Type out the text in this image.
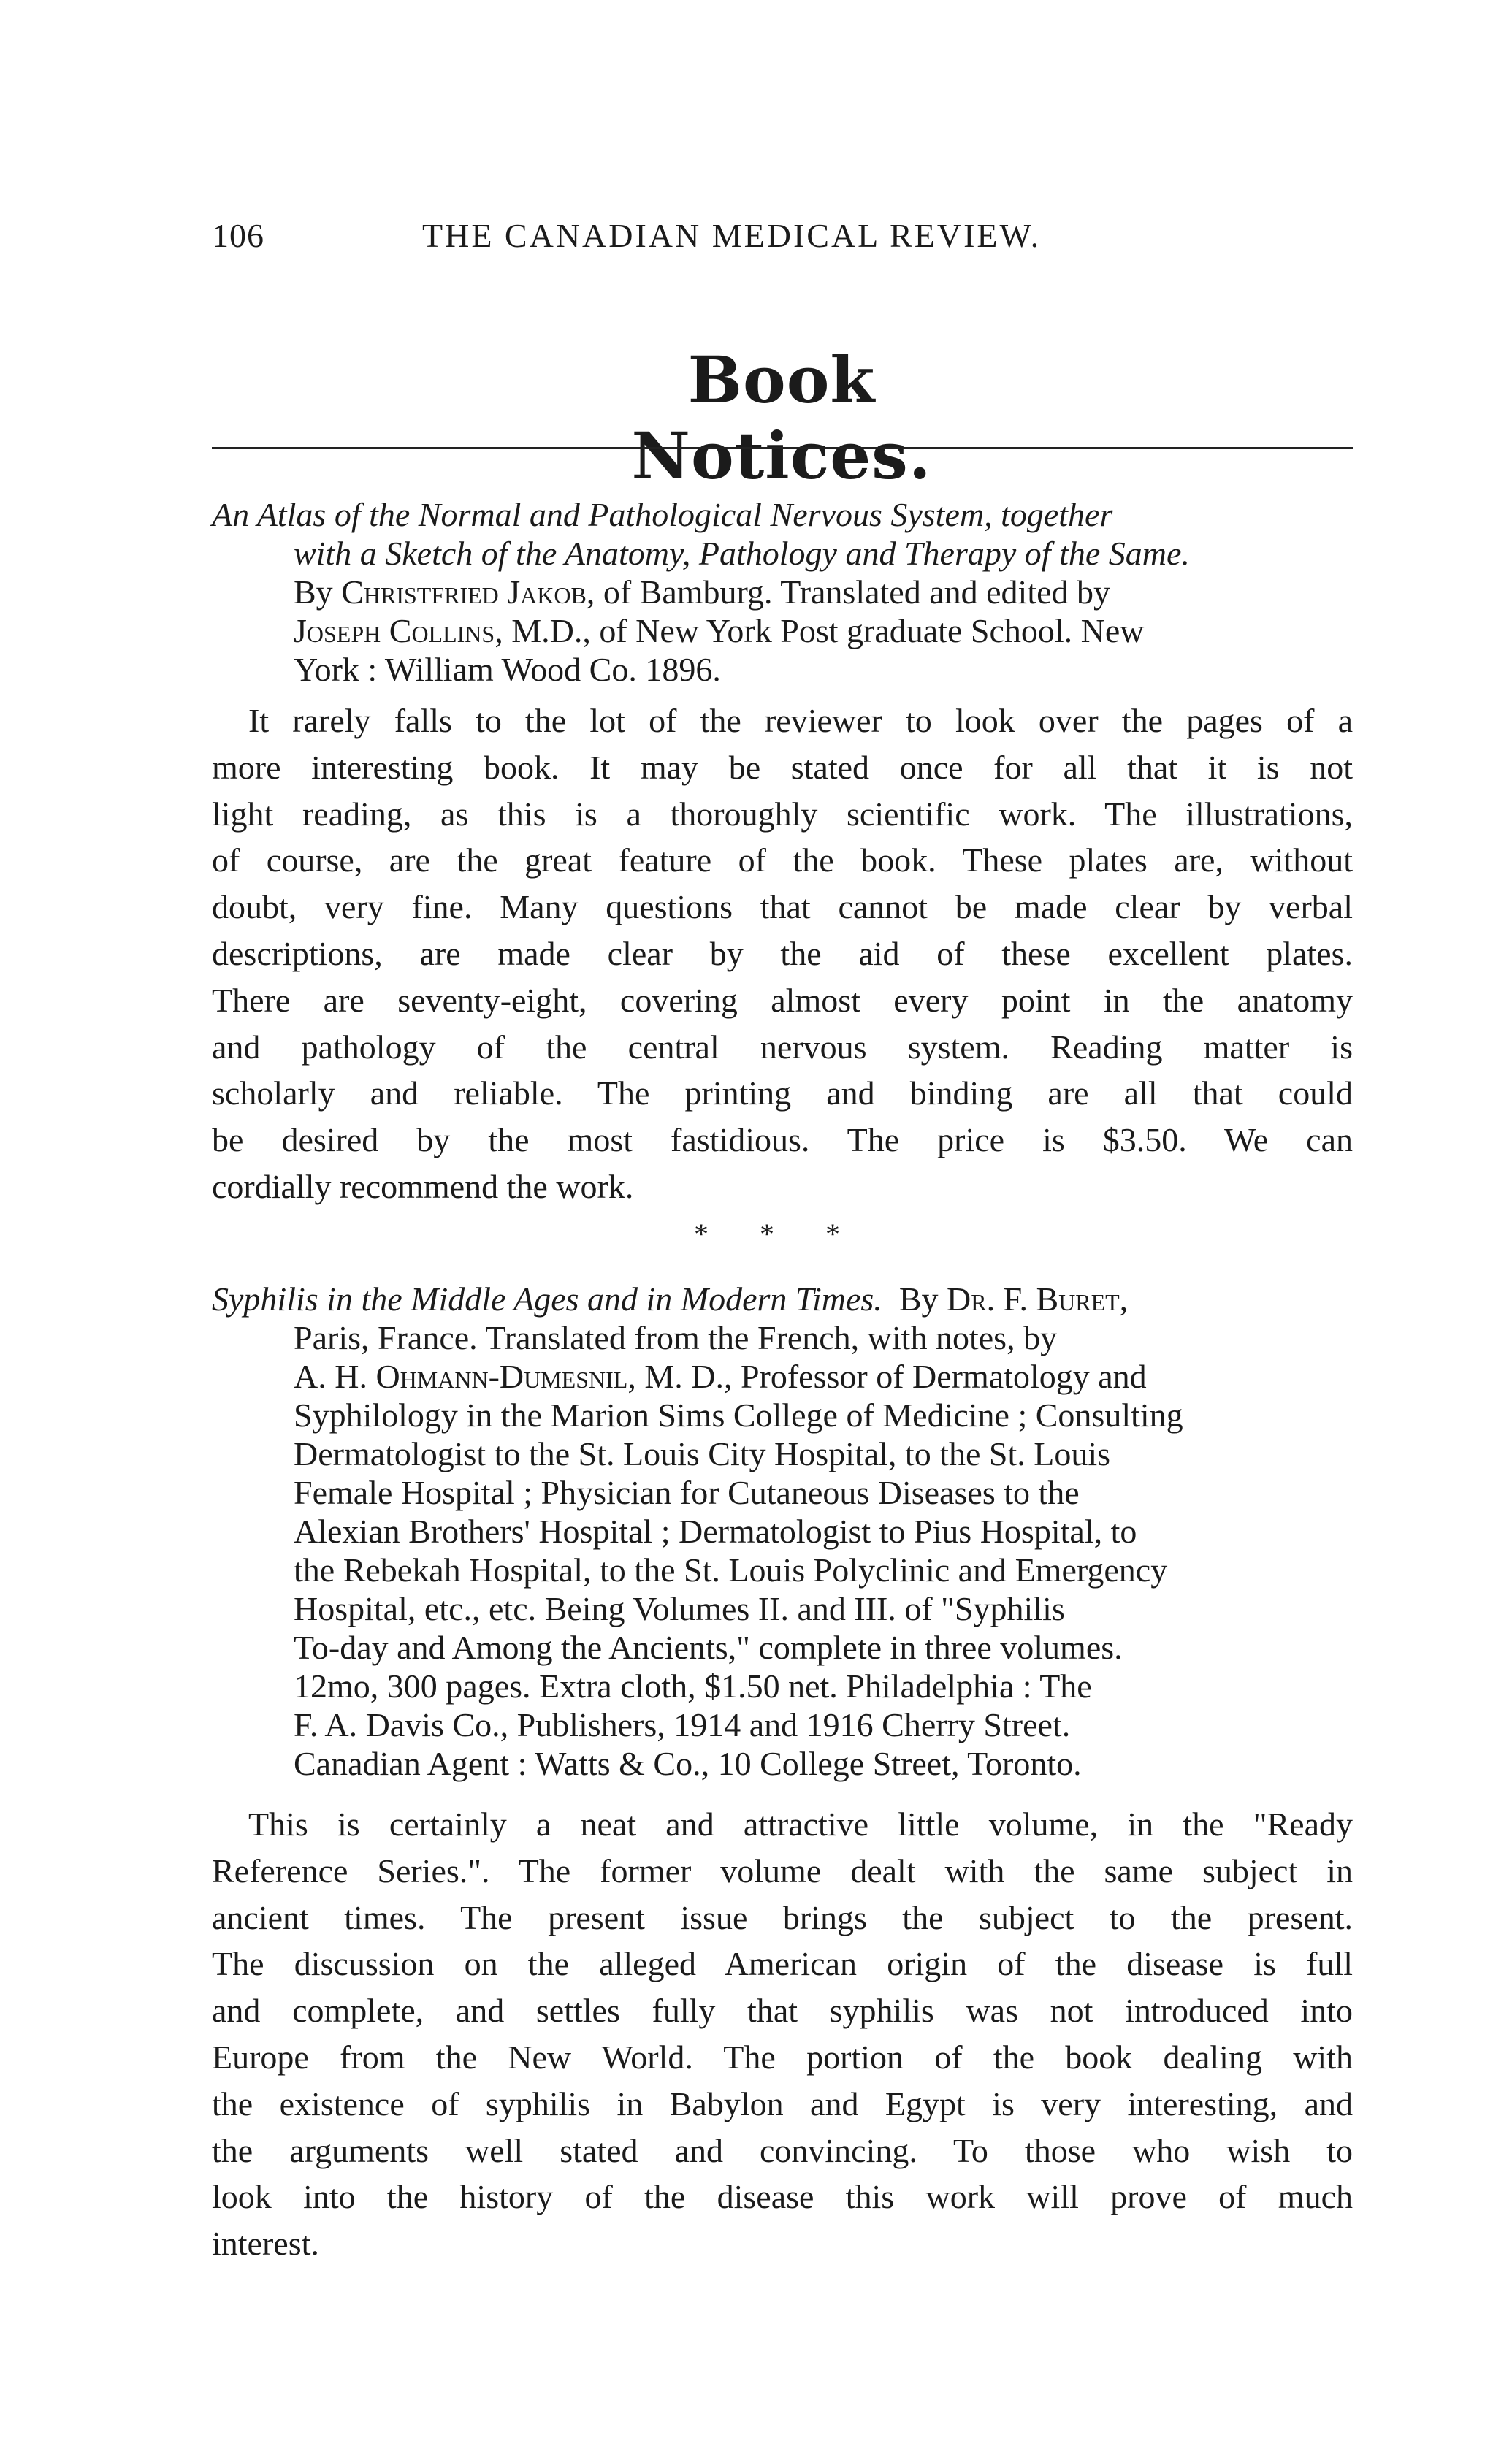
106	THE CANADIAN MEDICAL REVIEW.
Book Notices.
An Atlas of the Normal and Pathological Nervous System, together
with a Sketch of the Anatomy, Pathology and Therapy of the Same.
By Christfried Jakob, of Bamburg. Translated and edited by
Joseph Collins, M.D., of New York Post graduate School. New
York : William Wood Co. 1896.
It rarely falls to the lot of the reviewer to look over the pages of a
more interesting book. It may be stated once for all that it is not
light reading, as this is a thoroughly scientific work. The illustrations,
of course, are the great feature of the book. These plates are, without
doubt, very fine. Many questions that cannot be made clear by verbal
descriptions, are made clear by the aid of these excellent plates.
There are seventy-eight, covering almost every point in the anatomy
and pathology of the central nervous system. Reading matter is
scholarly and reliable. The printing and binding are all that could
be desired by the most fastidious. The price is $3.50. We can
cordially recommend the work.
* * *
Syphilis in the Middle Ages and in Modern Times.  By Dr. F. Buret,
Paris, France. Translated from the French, with notes, by
A. H. Ohmann-Dumesnil, M. D., Professor of Dermatology and
Syphilology in the Marion Sims College of Medicine ; Consulting
Dermatologist to the St. Louis City Hospital, to the St. Louis
Female Hospital ; Physician for Cutaneous Diseases to the
Alexian Brothers' Hospital ; Dermatologist to Pius Hospital, to
the Rebekah Hospital, to the St. Louis Polyclinic and Emergency
Hospital, etc., etc. Being Volumes II. and III. of "Syphilis
To-day and Among the Ancients," complete in three volumes.
12mo, 300 pages. Extra cloth, $1.50 net. Philadelphia : The
F. A. Davis Co., Publishers, 1914 and 1916 Cherry Street.
Canadian Agent : Watts & Co., 10 College Street, Toronto.
This is certainly a neat and attractive little volume, in the "Ready
Reference Series.". The former volume dealt with the same subject in
ancient times. The present issue brings the subject to the present.
The discussion on the alleged American origin of the disease is full
and complete, and settles fully that syphilis was not introduced into
Europe from the New World. The portion of the book dealing with
the existence of syphilis in Babylon and Egypt is very interesting, and
the arguments well stated and convincing. To those who wish to
look into the history of the disease this work will prove of much
interest.
